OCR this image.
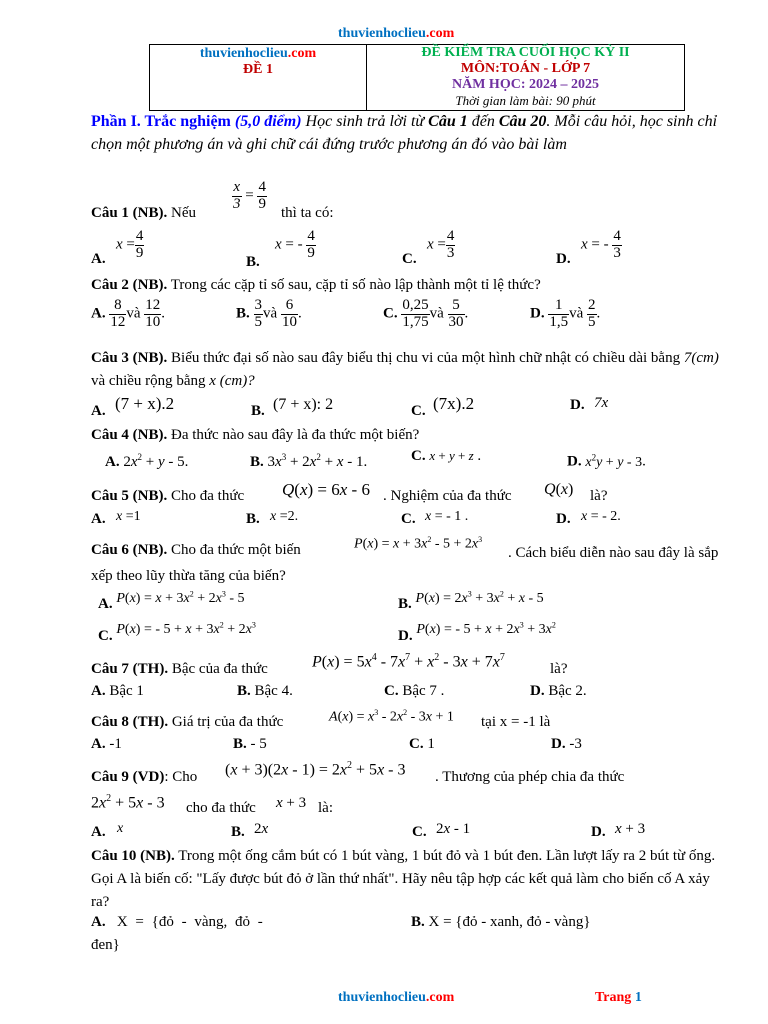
thuvienhoclieu.com
thuvienhoclieu.com
ĐỀ 1
ĐỀ KIỂM TRA CUỐI HỌC KỲ II
MÔN:TOÁN - LỚP 7
NĂM HỌC: 2024 – 2025
Thời gian làm bài: 90 phút
Phần I. Trắc nghiệm (5,0 điểm) Học sinh trả lời từ Câu 1 đến Câu 20. Mỗi câu hỏi, học sinh chỉ chọn một phương án và ghi chữ cái đứng trước phương án đó vào bài làm
$\frac{x}{3} = \frac{4}{9}$
Câu 1 (NB). Nếu	thì ta có:
A.
$x = \frac{4}{9}$
B.
x = - $\frac{4}{9}$	C.
$x = \frac{4}{3}$	D.
x = - $\frac{4}{3}$
Câu 2 (NB). Trong các cặp tỉ số sau, cặp tỉ số nào lập thành một tỉ lệ thức?
A. $\frac{8}{12}$ và $\frac{12}{10}$ .	B. $\frac{3}{5}$ và $\frac{6}{10}$ .	C. $\frac{0,25}{1,75}$ và $\frac{5}{30}$ .	D. $\frac{1}{1,5}$ và $\frac{2}{5}$ .
Câu 3 (NB). Biểu thức đại số nào sau đây biểu thị chu vi của một hình chữ nhật có chiều dài bằng 7(cm) và chiều rộng bằng x (cm)?
A. (7 + x).2	B. (7 + x): 2	C. (7x).2	D. 7x
Câu 4 (NB). Đa thức nào sau đây là đa thức một biến?
A. $2x^2 + y - 5$.	B. $3x^3 + 2x^2 + x - 1$.	C. x + y + z .	D. $x^2y + y - 3$.
Câu 5 (NB). Cho đa thức Q(x) = 6x - 6 . Nghiệm của đa thức Q(x) là?
A. x =1	B. x =2.	C. x = - 1 .	D. x = - 2.
Câu 6 (NB). Cho đa thức một biến	$P(x) = x + 3x^2 - 5 + 2x^3$
. Cách biểu diễn nào sau đây là sắp xếp theo lũy thừa tăng của biến?
A. $P(x) = x + 3x^2 + 2x^3 - 5$	B. $P(x) = 2x^3 + 3x^2 + x - 5$
C. P(x) = - $5 + x + 3x^2 + 2x^3$
D. P(x) = - $5 + x + 2x^3 + 3x^2$
Câu 7 (TH). Bậc của đa thức	$P(x) = 5x^4 - 7x^7 + x^2 - 3x + 7x^7$
là?
A. Bậc 1	B. Bậc 4.	C. Bậc 7 .	D. Bậc 2.
Câu 8 (TH). Giá trị của đa thức	$A(x) = x^3 - 2x^2 - 3x + 1$ tại x = -1 là
A. -1	B. - 5	C. 1	D. -3
Câu 9 (VD): Cho $(x + 3)(2x - 1) = 2x^2 + 5x - 3$ . Thương của phép chia đa thức
$2x^2 + 5x - 3$ cho đa thức x + 3 là:
A. x	B. 2x	C. 2x - 1	D. x + 3
Câu 10 (NB). Trong một ống cắm bút có 1 bút vàng, 1 bút đỏ và 1 bút đen. Lần lượt lấy ra 2 bút từ ống. Gọi A là biến cố: "Lấy được bút đỏ ở lần thứ nhất". Hãy nêu tập hợp các kết quả làm cho biến cố A xảy ra?
A. X = {đỏ - vàng, đỏ -
đen}
B. X = {đỏ - xanh, đỏ - vàng}
thuvienhoclieu.com	Trang 1
